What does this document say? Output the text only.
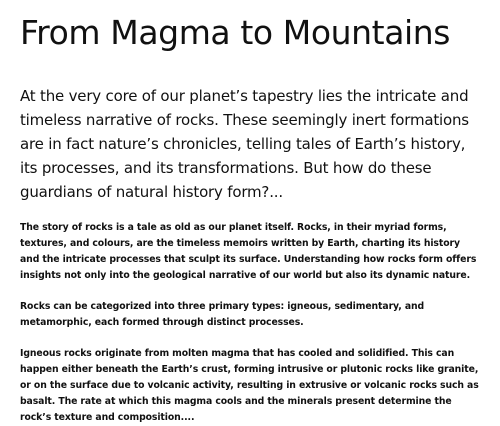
From Magma to Mountains

At the very core of our planet’s tapestry lies the intricate and timeless narrative of rocks. These seemingly inert formations are in fact nature’s chronicles, telling tales of Earth’s history, its processes, and its transformations. But how do these guardians of natural history form?...

The story of rocks is a tale as old as our planet itself. Rocks, in their myriad forms, textures, and colours, are the timeless memoirs written by Earth, charting its history and the intricate processes that sculpt its surface. Understanding how rocks form offers insights not only into the geological narrative of our world but also its dynamic nature.

Rocks can be categorized into three primary types: igneous, sedimentary, and metamorphic, each formed through distinct processes.

Igneous rocks originate from molten magma that has cooled and solidified. This can happen either beneath the Earth’s crust, forming intrusive or plutonic rocks like granite, or on the surface due to volcanic activity, resulting in extrusive or volcanic rocks such as basalt. The rate at which this magma cools and the minerals present determine the rock’s texture and composition....
